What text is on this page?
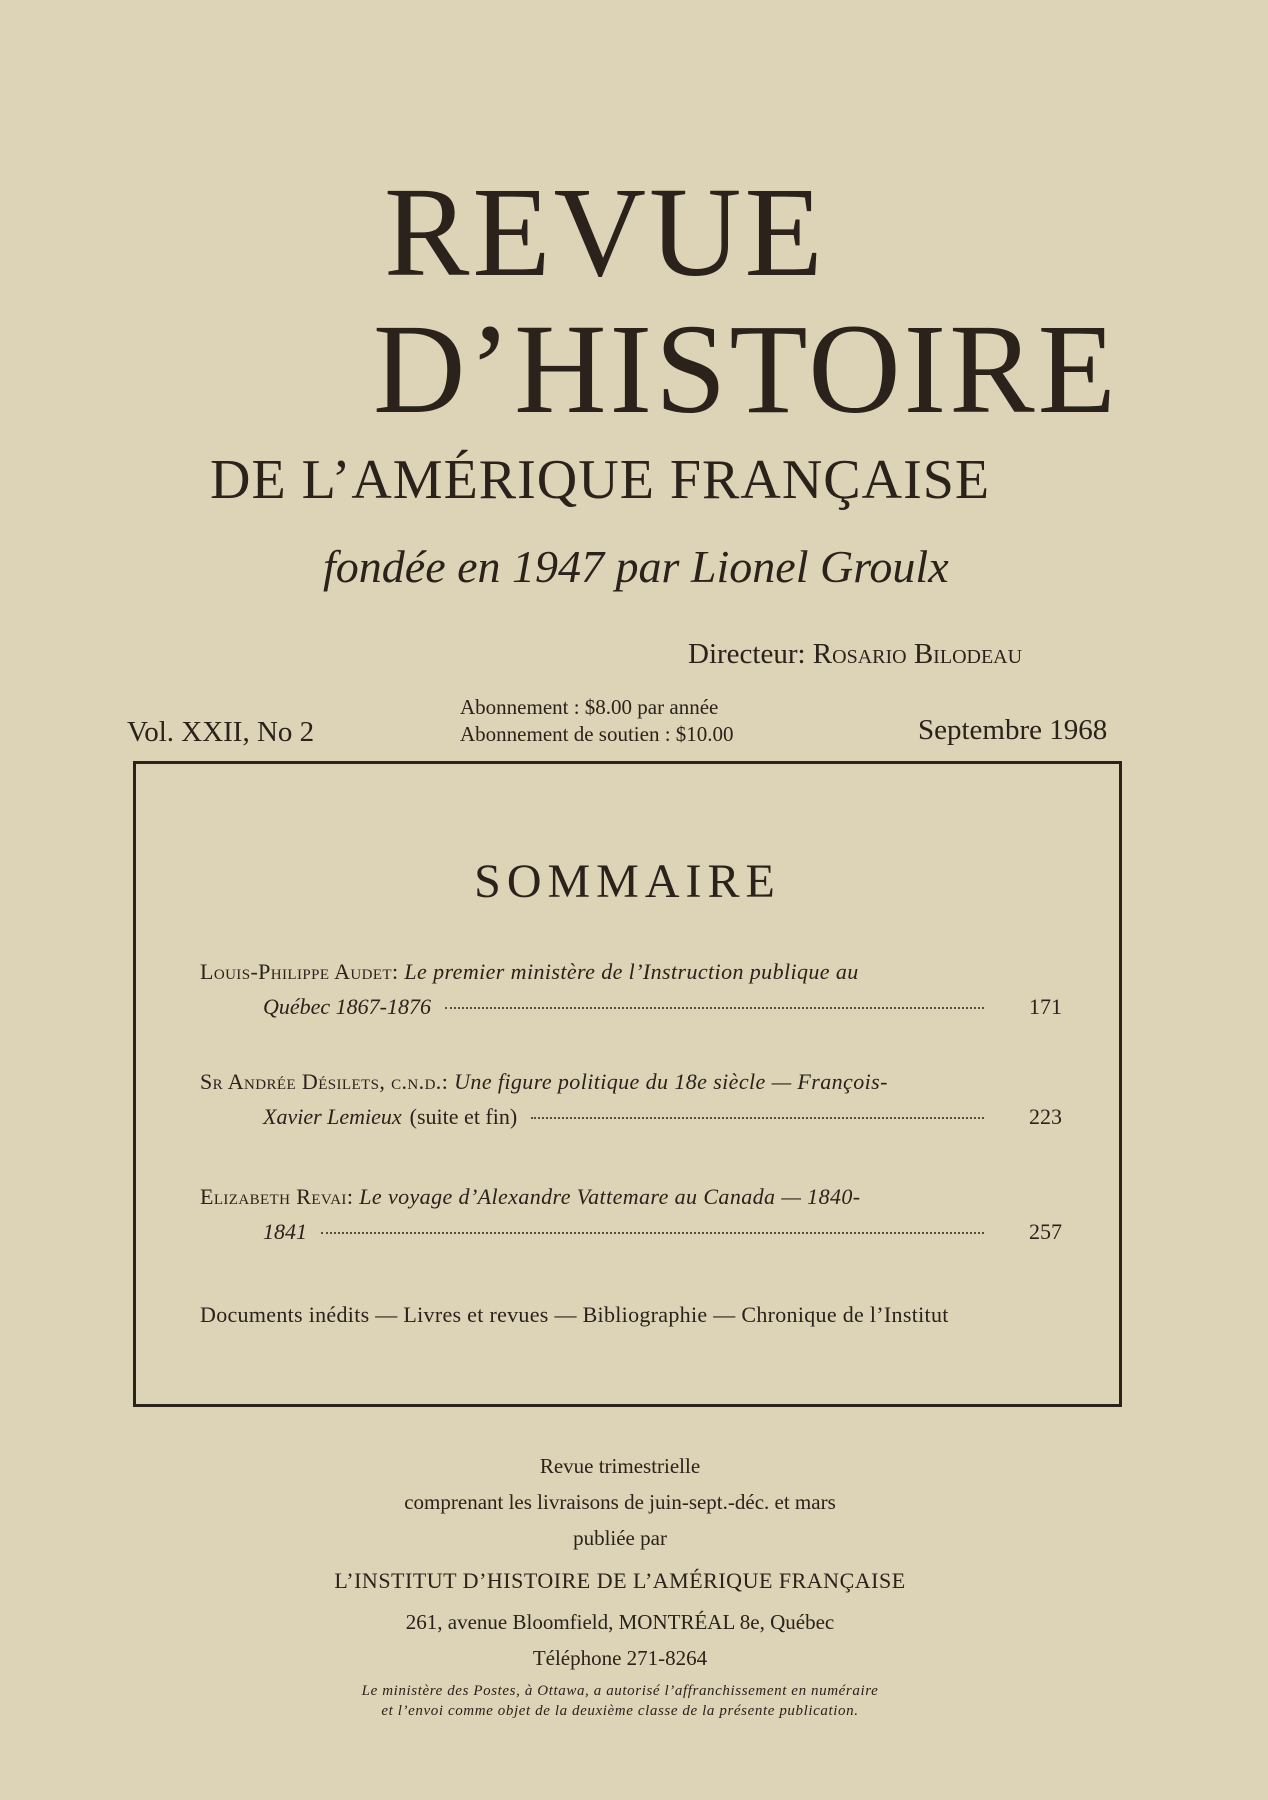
REVUE
D’HISTOIRE
DE L’AMÉRIQUE FRANÇAISE
fondée en 1947 par Lionel Groulx
Directeur: Rosario Bilodeau
Vol. XXII, No 2
Abonnement : $8.00 par année
Abonnement de soutien : $10.00	Septembre 1968
SOMMAIRE
Louis-Philippe Audet: Le premier ministère de l’Instruction publique au
Québec 1867-1876	171
Sr Andrée Désilets, c.n.d.: Une figure politique du 18e siècle — François-
Xavier Lemieux (suite et fin)	223
Elizabeth Revai: Le voyage d’Alexandre Vattemare au Canada — 1840-
1841	257
Documents inédits — Livres et revues — Bibliographie — Chronique de l’Institut
Revue trimestrielle
comprenant les livraisons de juin-sept.-déc. et mars
publiée par
L’INSTITUT D’HISTOIRE DE L’AMÉRIQUE FRANÇAISE
261, avenue Bloomfield, MONTRÉAL 8e, Québec
Téléphone 271-8264
Le ministère des Postes, à Ottawa, a autorisé l’affranchissement en numéraire
et l’envoi comme objet de la deuxième classe de la présente publication.
